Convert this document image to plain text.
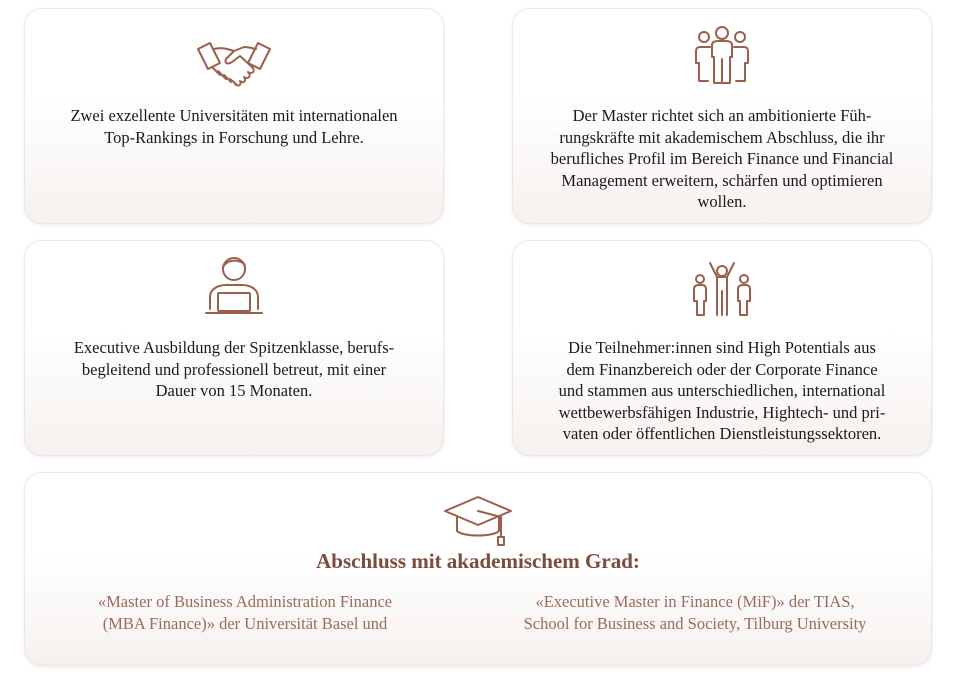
Zwei exzellente Universitäten mit internationalen
Top-Rankings in Forschung und Lehre.
Der Master richtet sich an ambitionierte Füh-
rungskräfte mit akademischem Abschluss, die ihr
berufliches Profil im Bereich Finance und Financial
Management erweitern, schärfen und optimieren
wollen.
Executive Ausbildung der Spitzenklasse, berufs-
begleitend und professionell betreut, mit einer
Dauer von 15 Monaten.
Die Teilnehmer:innen sind High Potentials aus
dem Finanzbereich oder der Corporate Finance
und stammen aus unterschiedlichen, international
wettbewerbsfähigen Industrie, Hightech- und pri-
vaten oder öffentlichen Dienstleistungssektoren.
Abschluss mit akademischem Grad:
«Master of Business Administration Finance
(MBA Finance)» der Universität Basel und
«Executive Master in Finance (MiF)» der TIAS,
School for Business and Society, Tilburg University
